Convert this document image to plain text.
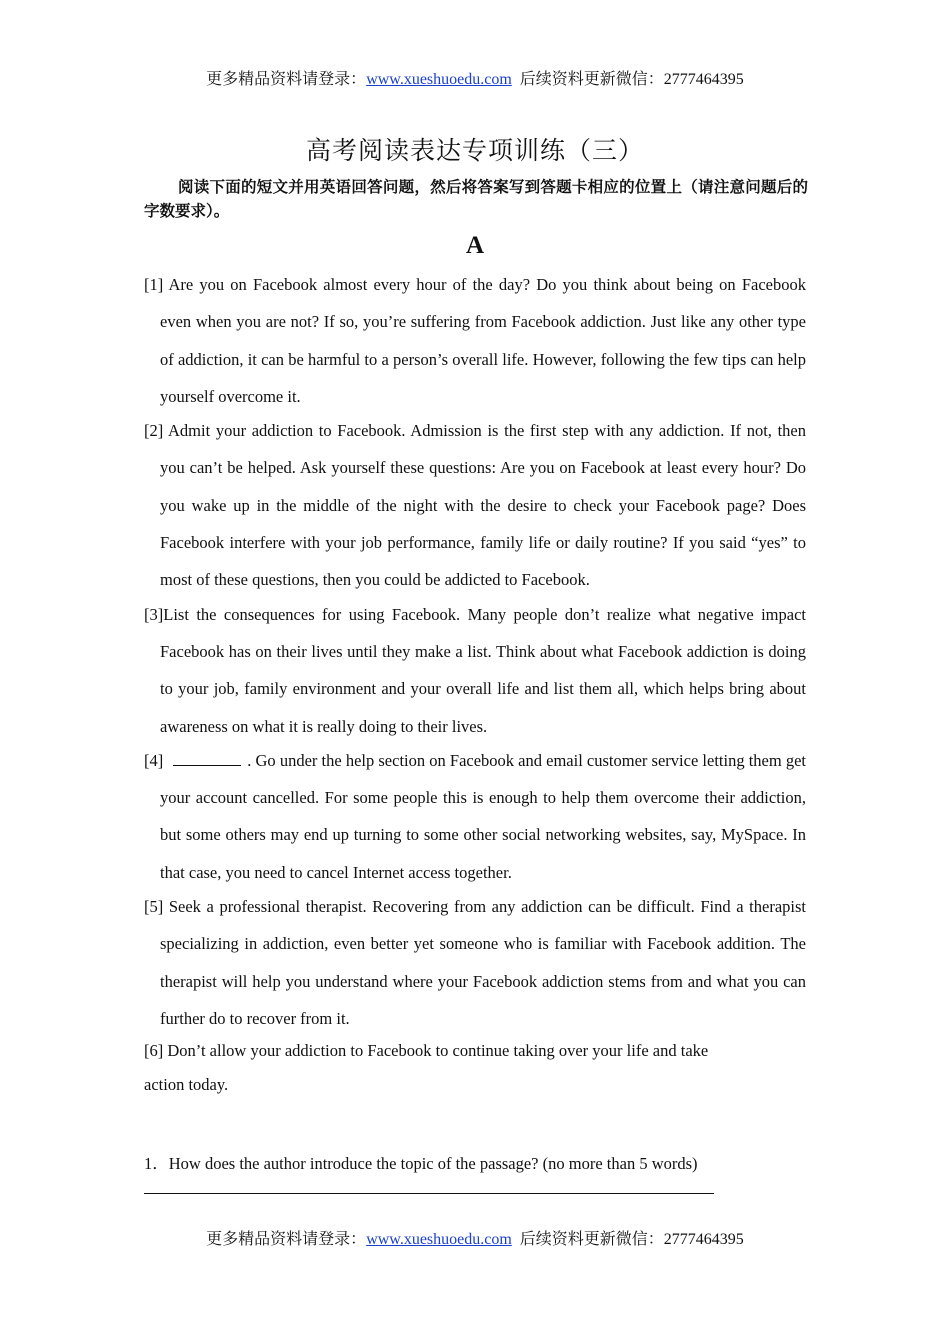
更多精品资料请登录：www.xueshuoedu.com 后续资料更新微信：2777464395
高考阅读表达专项训练（三）
阅读下面的短文并用英语回答问题，然后将答案写到答题卡相应的位置上（请注意问题后的字数要求）。
A

[1] Are you on Facebook almost every hour of the day? Do you think about being on Facebook even when you are not? If so, you’re suffering from Facebook addiction. Just like any other type of addiction, it can be harmful to a person’s overall life. However, following the few tips can help yourself overcome it.

[2] Admit your addiction to Facebook. Admission is the first step with any addiction. If not, then you can’t be helped. Ask yourself these questions: Are you on Facebook at least every hour? Do you wake up in the middle of the night with the desire to check your Facebook page? Does Facebook interfere with your job performance, family life or daily routine? If you said “yes” to most of these questions, then you could be addicted to Facebook.

[3]List the consequences for using Facebook. Many people don’t realize what negative impact Facebook has on their lives until they make a list. Think about what Facebook addiction is doing to your job, family environment and your overall life and list them all, which helps bring about awareness on what it is really doing to their lives.

[4]	. Go under the help section on Facebook and email customer service letting them get your account cancelled. For some people this is enough to help them overcome their addiction, but some others may end up turning to some other social networking websites, say, MySpace. In that case, you need to cancel Internet access together.

[5] Seek a professional therapist. Recovering from any addiction can be difficult. Find a therapist specializing in addiction, even better yet someone who is familiar with Facebook addition. The therapist will help you understand where your Facebook addiction stems from and what you can further do to recover from it.

[6] Don’t allow your addiction to Facebook to continue taking over your life and take action today.

1．How does the author introduce the topic of the passage? (no more than 5 words)
更多精品资料请登录：www.xueshuoedu.com 后续资料更新微信：2777464395
